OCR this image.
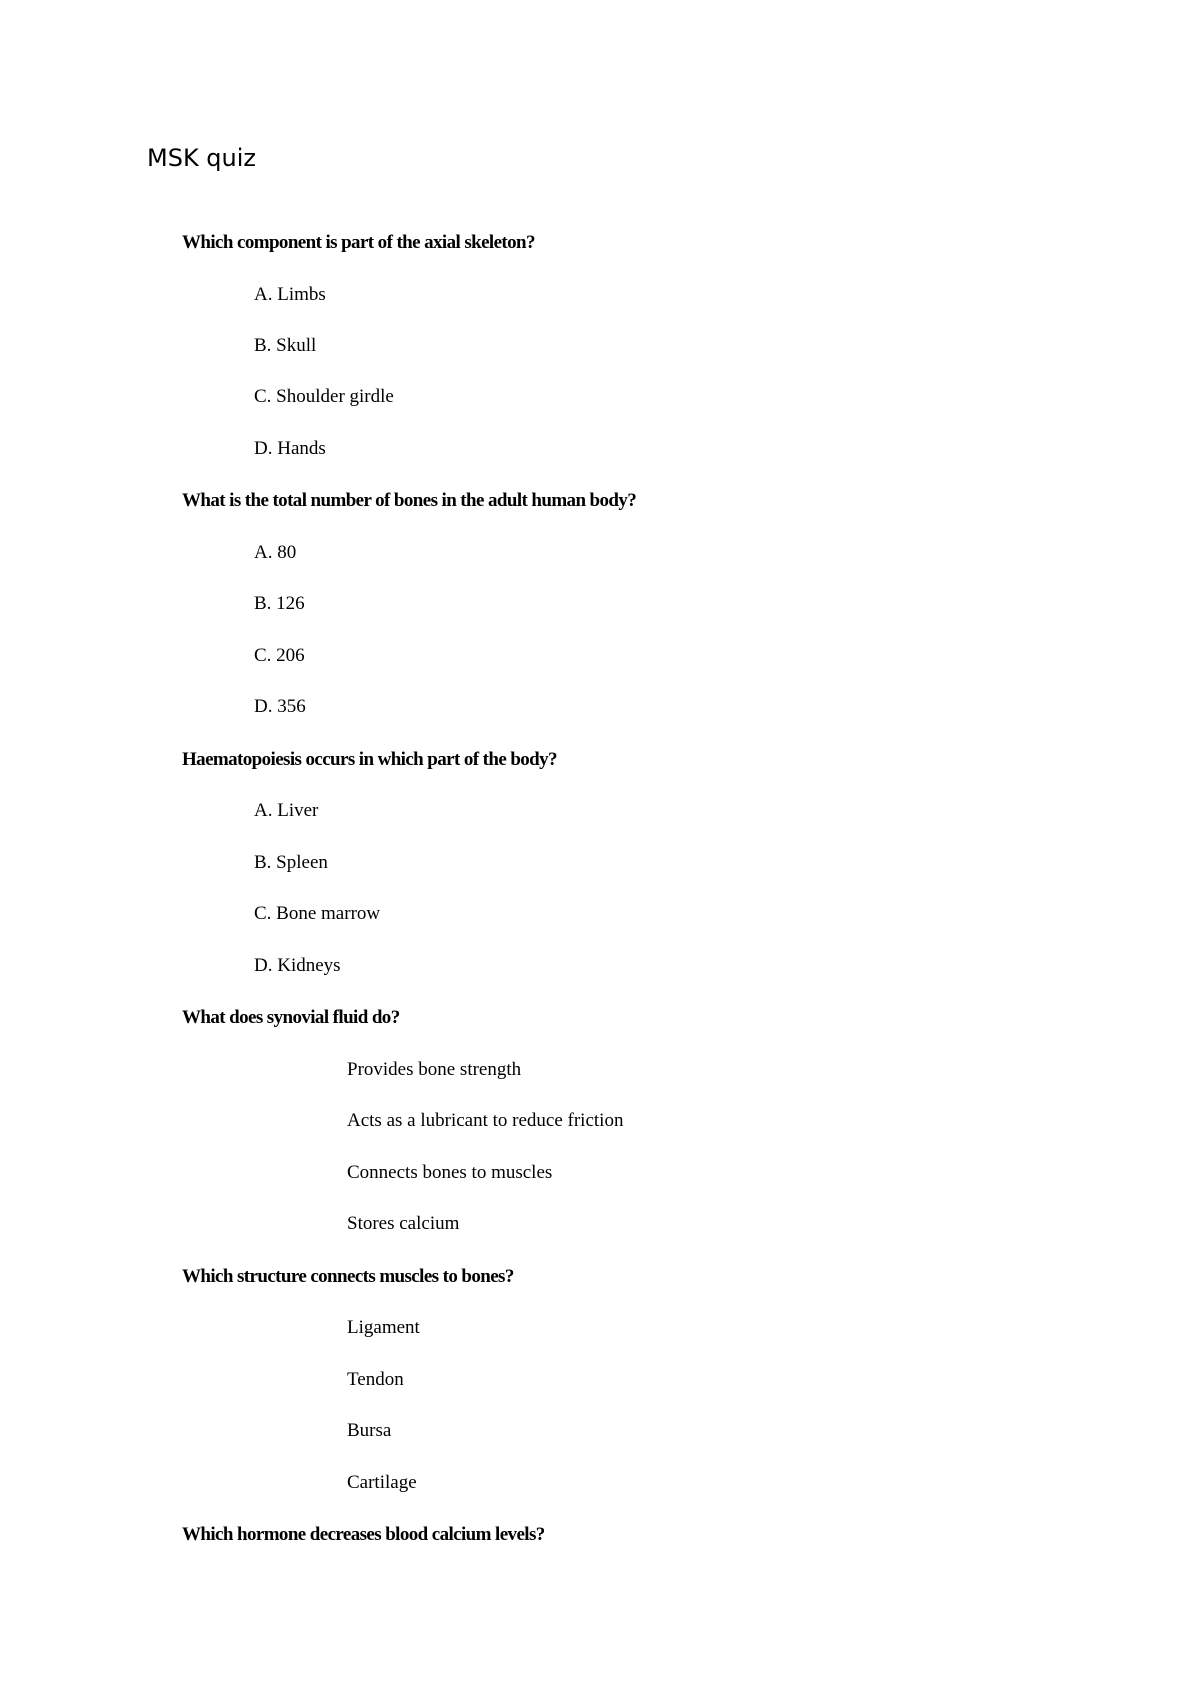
MSK quiz
Which component is part of the axial skeleton?
A. Limbs
B. Skull
C. Shoulder girdle
D. Hands
What is the total number of bones in the adult human body?
A. 80
B. 126
C. 206
D. 356
Haematopoiesis occurs in which part of the body?
A. Liver
B. Spleen
C. Bone marrow
D. Kidneys
What does synovial fluid do?
Provides bone strength
Acts as a lubricant to reduce friction
Connects bones to muscles
Stores calcium
Which structure connects muscles to bones?
Ligament
Tendon
Bursa
Cartilage
Which hormone decreases blood calcium levels?
